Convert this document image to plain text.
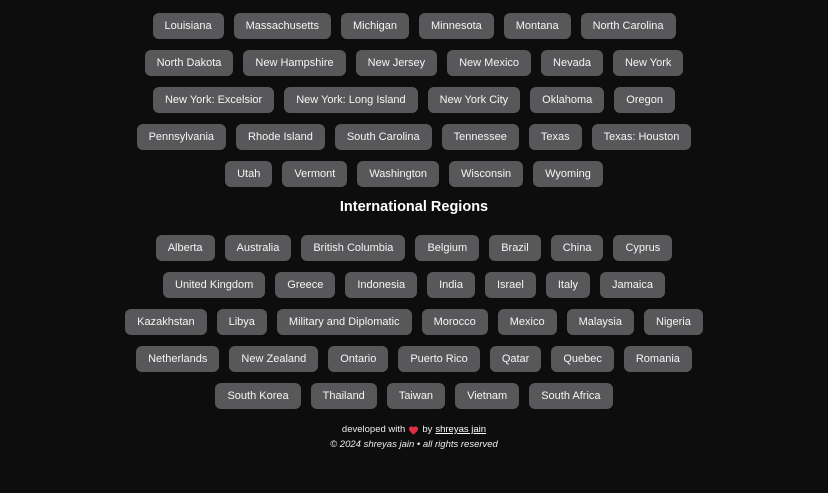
Louisiana	Massachusetts	Michigan	Minnesota	Montana	North Carolina
North Dakota	New Hampshire	New Jersey	New Mexico	Nevada	New York
New York: Excelsior	New York: Long Island	New York City	Oklahoma	Oregon
Pennsylvania	Rhode Island	South Carolina	Tennessee	Texas	Texas: Houston
Utah	Vermont	Washington	Wisconsin	Wyoming
International Regions
Alberta	Australia	British Columbia	Belgium	Brazil	China	Cyprus
United Kingdom	Greece	Indonesia	India	Israel	Italy	Jamaica
Kazakhstan	Libya	Military and Diplomatic	Morocco	Mexico	Malaysia	Nigeria
Netherlands	New Zealand	Ontario	Puerto Rico	Qatar	Quebec	Romania
South Korea	Thailand	Taiwan	Vietnam	South Africa
developed with by shreyas jain
© 2024 shreyas jain • all rights reserved
